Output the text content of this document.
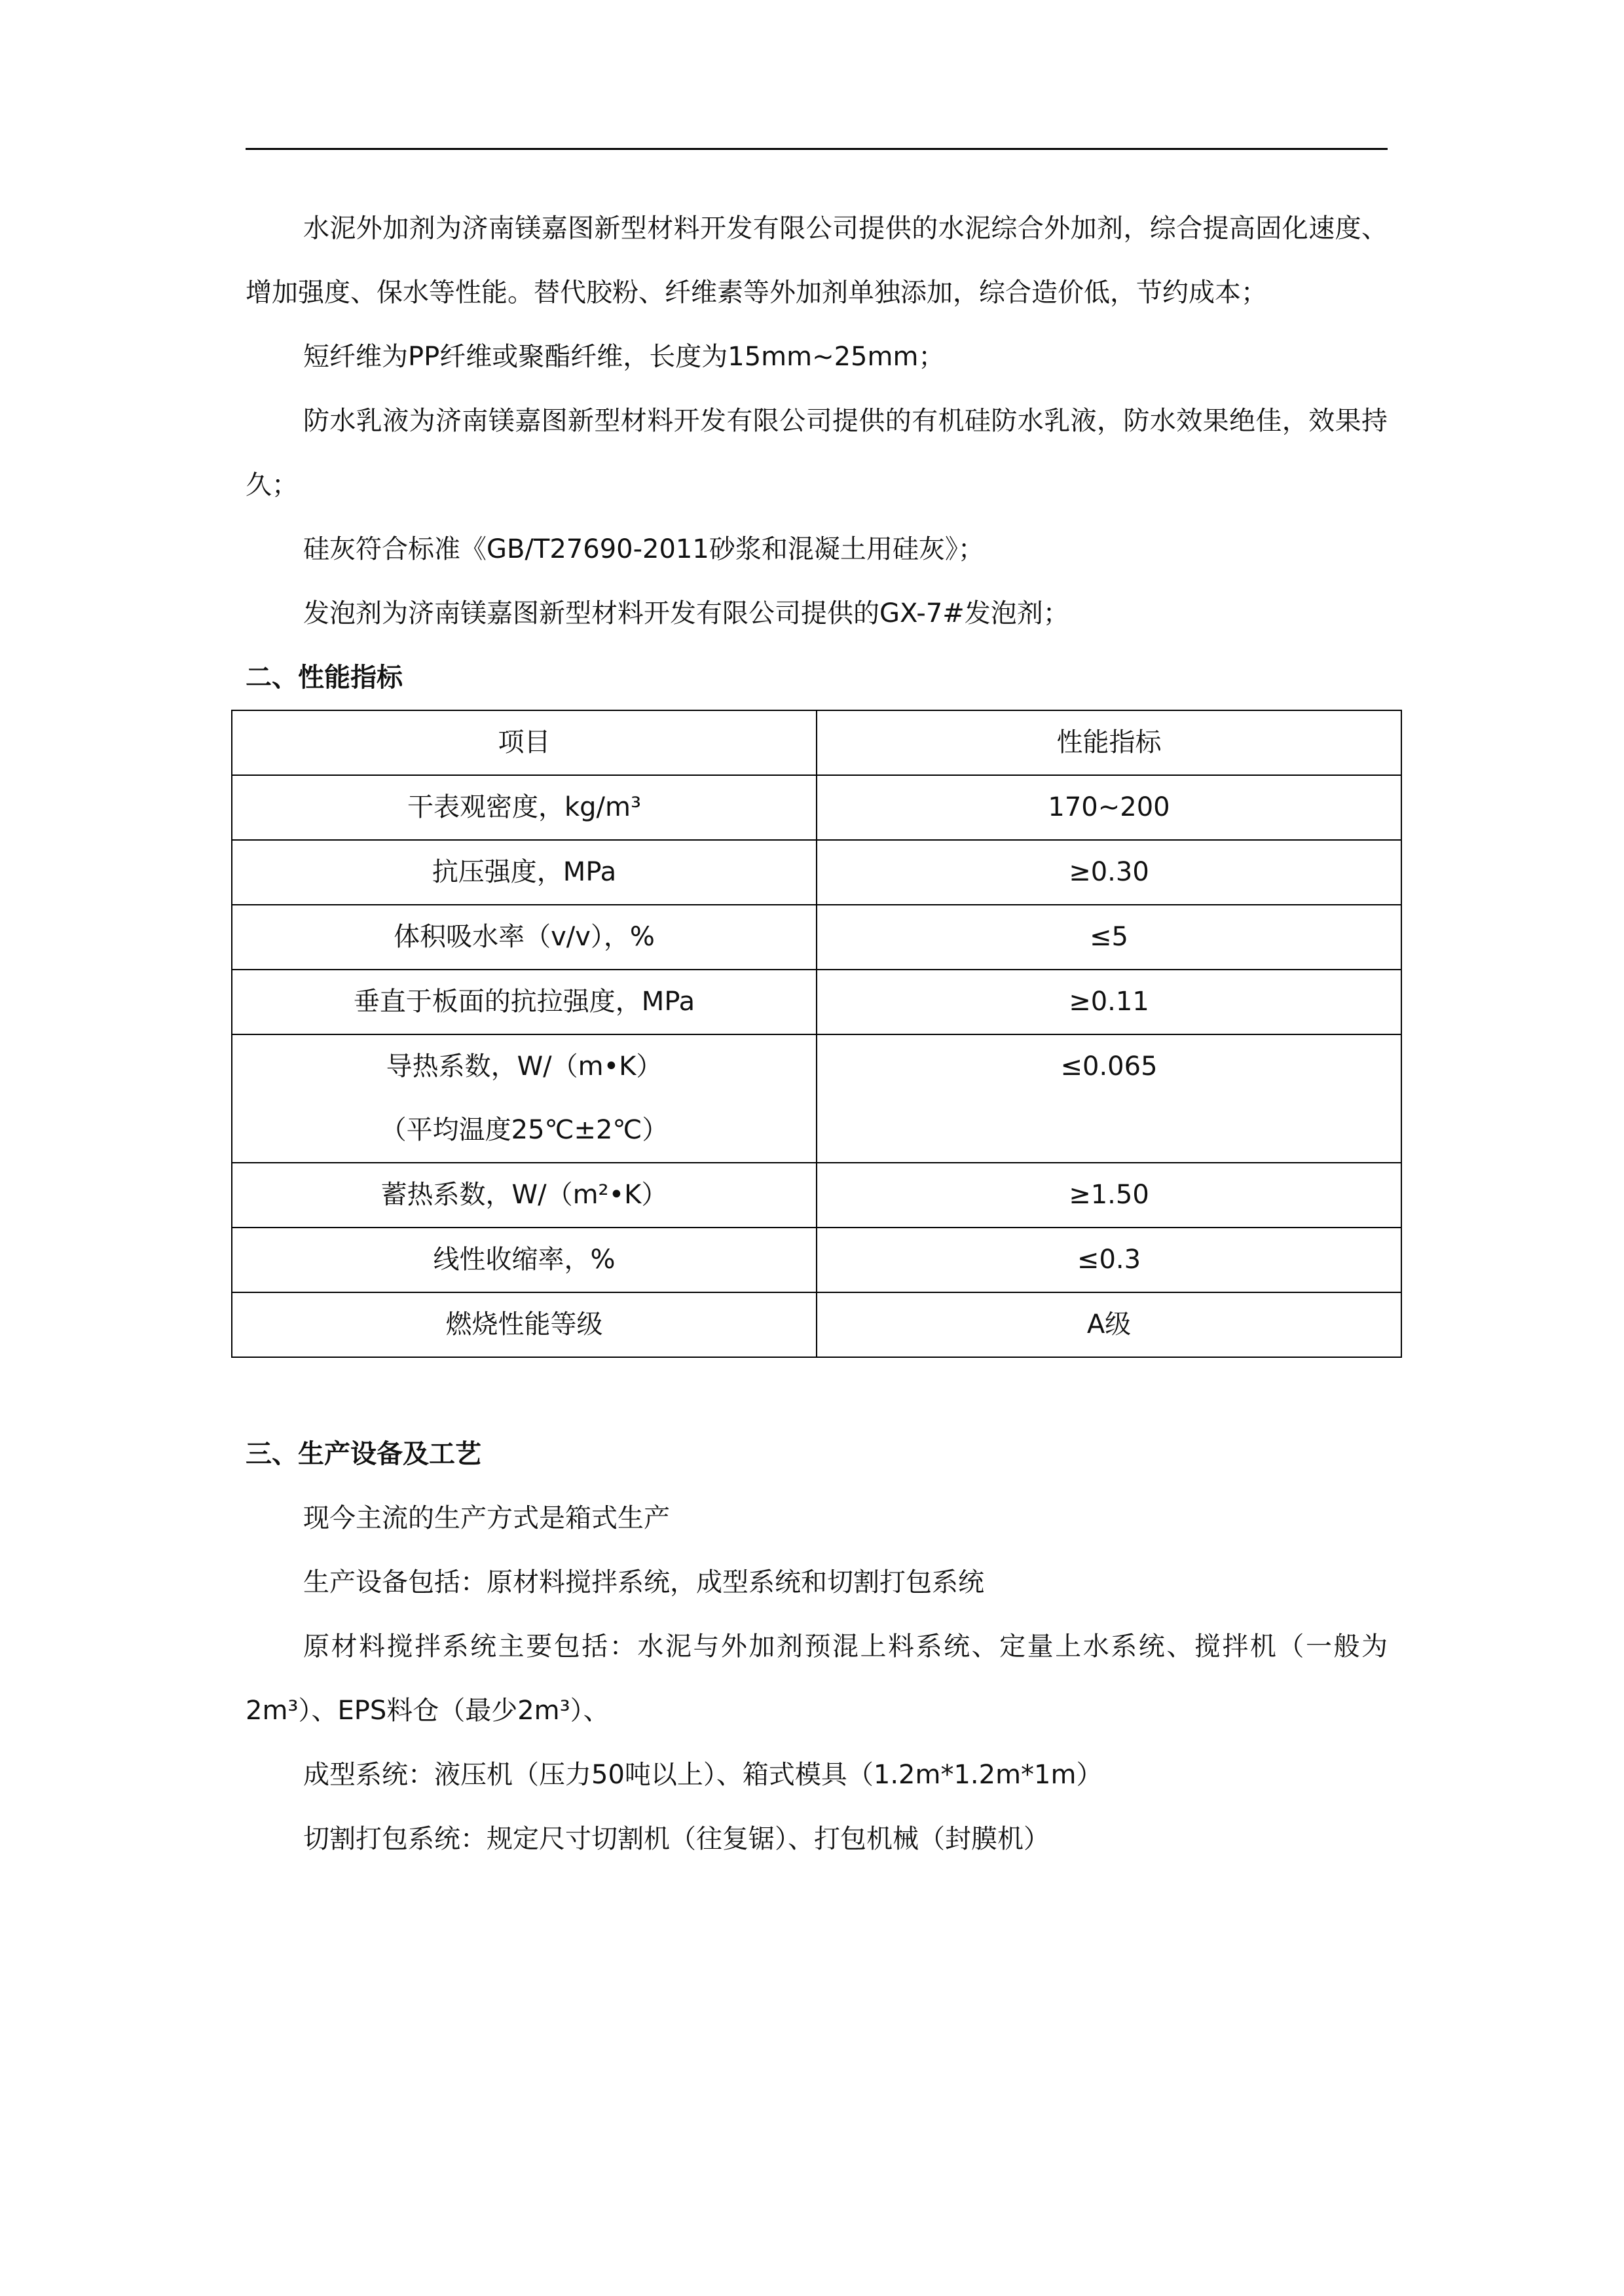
水泥外加剂为济南镁嘉图新型材料开发有限公司提供的水泥综合外加剂，综合提高固化速度、增加强度、保水等性能。替代胶粉、纤维素等外加剂单独添加，综合造价低，节约成本；

短纤维为PP纤维或聚酯纤维，长度为15mm~25mm；

防水乳液为济南镁嘉图新型材料开发有限公司提供的有机硅防水乳液，防水效果绝佳，效果持久；

硅灰符合标准《GB/T27690-2011砂浆和混凝土用硅灰》；

发泡剂为济南镁嘉图新型材料开发有限公司提供的GX-7#发泡剂；

二、性能指标

项目	性能指标
干表观密度，kg/m³	170~200
抗压强度，MPa	≥0.30
体积吸水率（v/v），%	≤5
垂直于板面的抗拉强度，MPa	≥0.11

导热系数，W/（m•K）
（平均温度25℃±2℃）	≤0.065
蓄热系数，W/（m²•K）	≥1.50
线性收缩率，%	≤0.3
燃烧性能等级	A级

三、生产设备及工艺

现今主流的生产方式是箱式生产

生产设备包括：原材料搅拌系统，成型系统和切割打包系统

原材料搅拌系统主要包括：水泥与外加剂预混上料系统、定量上水系统、搅拌机（一般为2m³）、EPS料仓（最少2m³）、

成型系统：液压机（压力50吨以上）、箱式模具（1.2m*1.2m*1m）

切割打包系统：规定尺寸切割机（往复锯）、打包机械（封膜机）
